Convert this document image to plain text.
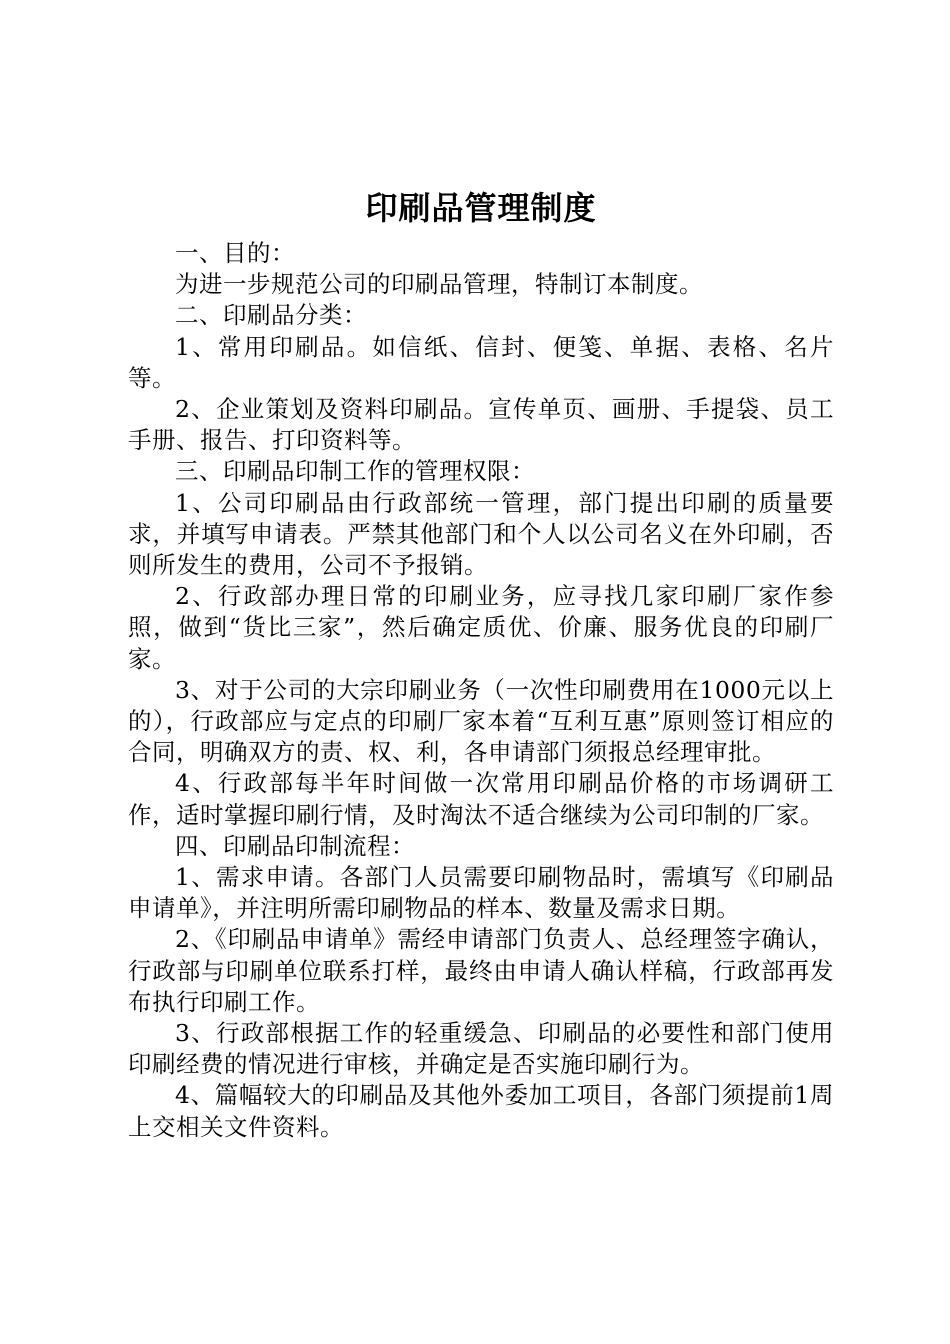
印刷品管理制度

一、目的：

为进一步规范公司的印刷品管理，特制订本制度。

二、印刷品分类：

1、常用印刷品。如信纸、信封、便笺、单据、表格、名片等。

2、企业策划及资料印刷品。宣传单页、画册、手提袋、员工手册、报告、打印资料等。

三、印刷品印制工作的管理权限：

1、公司印刷品由行政部统一管理，部门提出印刷的质量要求，并填写申请表。严禁其他部门和个人以公司名义在外印刷，否则所发生的费用，公司不予报销。

2、行政部办理日常的印刷业务，应寻找几家印刷厂家作参照，做到“货比三家”，然后确定质优、价廉、服务优良的印刷厂家。

3、对于公司的大宗印刷业务（一次性印刷费用在1000元以上的），行政部应与定点的印刷厂家本着“互利互惠”原则签订相应的合同，明确双方的责、权、利，各申请部门须报总经理审批。

4、行政部每半年时间做一次常用印刷品价格的市场调研工作，适时掌握印刷行情，及时淘汰不适合继续为公司印制的厂家。

四、印刷品印制流程：

1、需求申请。各部门人员需要印刷物品时，需填写《印刷品申请单》，并注明所需印刷物品的样本、数量及需求日期。

2、《印刷品申请单》需经申请部门负责人、总经理签字确认，行政部与印刷单位联系打样，最终由申请人确认样稿，行政部再发布执行印刷工作。

3、行政部根据工作的轻重缓急、印刷品的必要性和部门使用印刷经费的情况进行审核，并确定是否实施印刷行为。

4、篇幅较大的印刷品及其他外委加工项目，各部门须提前1周上交相关文件资料。
